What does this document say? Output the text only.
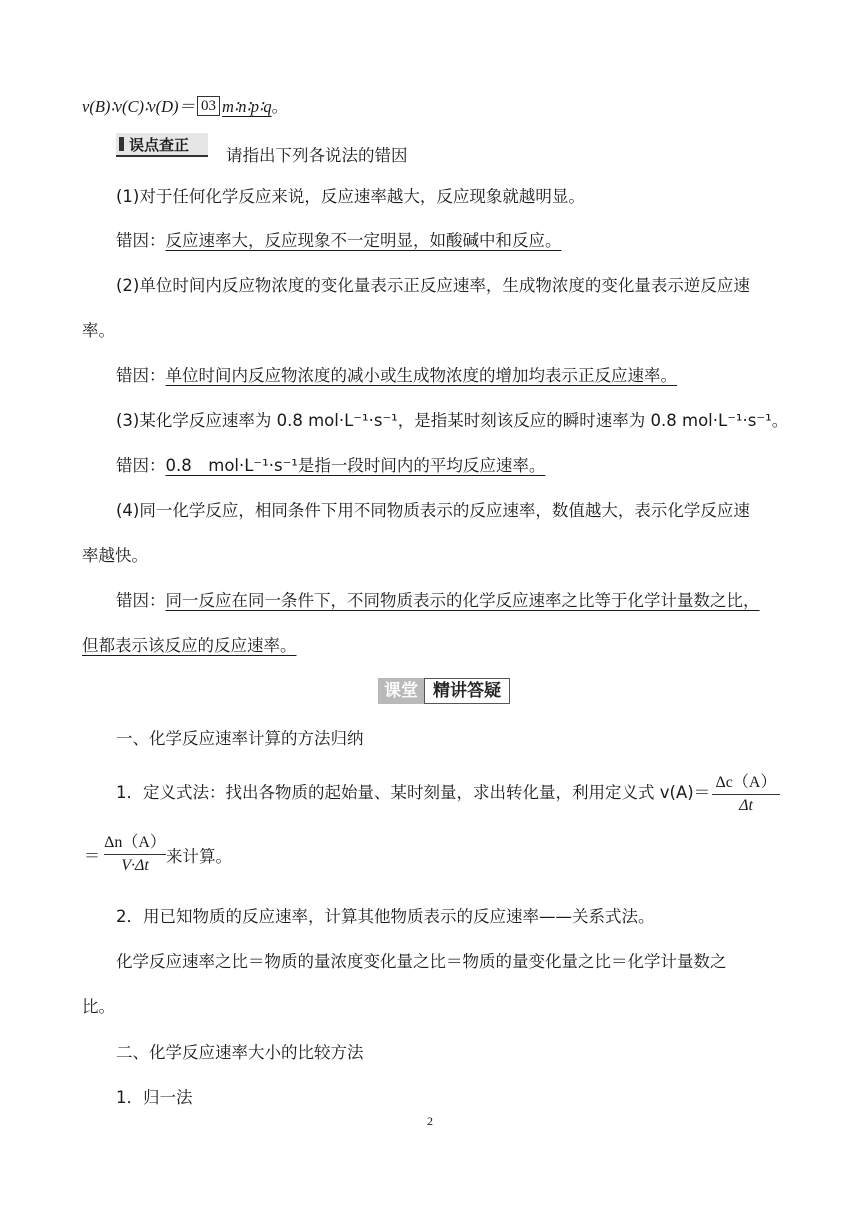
v(B)∶v(C)∶v(D)＝ 03 m∶n∶p∶q。
误点查正
请指出下列各说法的错因
(1)对于任何化学反应来说，反应速率越大，反应现象就越明显。
错因：反应速率大，反应现象不一定明显，如酸碱中和反应。
(2)单位时间内反应物浓度的变化量表示正反应速率，生成物浓度的变化量表示逆反应速
率。
错因：单位时间内反应物浓度的减小或生成物浓度的增加均表示正反应速率。
(3)某化学反应速率为 0.8 mol·L⁻¹·s⁻¹，是指某时刻该反应的瞬时速率为 0.8 mol·L⁻¹·s⁻¹。
错因：0.8　mol·L⁻¹·s⁻¹是指一段时间内的平均反应速率。
(4)同一化学反应，相同条件下用不同物质表示的反应速率，数值越大，表示化学反应速
率越快。
错因：同一反应在同一条件下，不同物质表示的化学反应速率之比等于化学计量数之比，
但都表示该反应的反应速率。
课堂 精讲答疑
一、化学反应速率计算的方法归纳
1．定义式法：找出各物质的起始量、某时刻量，求出转化量，利用定义式 $v(A)= \frac{\Delta c(A)}{\Delta t}$
＝ $\frac{\Delta n(A)}{V\cdot\Delta t}$ 来计算。
2．用已知物质的反应速率，计算其他物质表示的反应速率——关系式法。
化学反应速率之比＝物质的量浓度变化量之比＝物质的量变化量之比＝化学计量数之
比。
二、化学反应速率大小的比较方法
1．归一法
2
